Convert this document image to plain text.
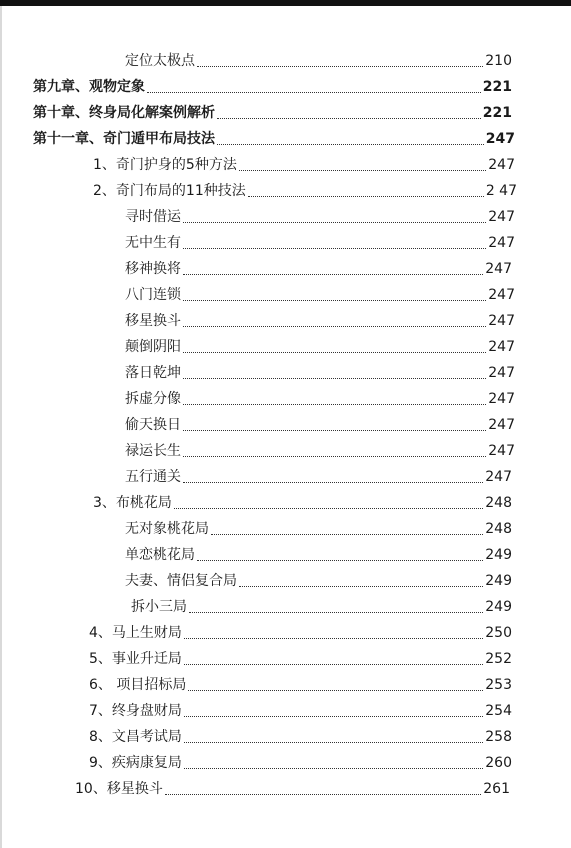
定位太极点	210
第九章、观物定象	221
第十章、终身局化解案例解析	221
第十一章、奇门遁甲布局技法	247
1、奇门护身的5种方法	247
2、奇门布局的11种技法	2 47
寻时借运	247
无中生有	247
移神换将	247
八门连锁	247
移星换斗	247
颠倒阴阳	247
落日乾坤	247
拆虚分像	247
偷天换日	247
禄运长生	247
五行通关	247
3、布桃花局	248
无对象桃花局	248
单恋桃花局	249
夫妻、情侣复合局	249
拆小三局	249
4、马上生财局	250
5、事业升迁局	252
6、 项目招标局	253
7、终身盘财局	254
8、文昌考试局	258
9、疾病康复局	260
10、移星换斗	261
